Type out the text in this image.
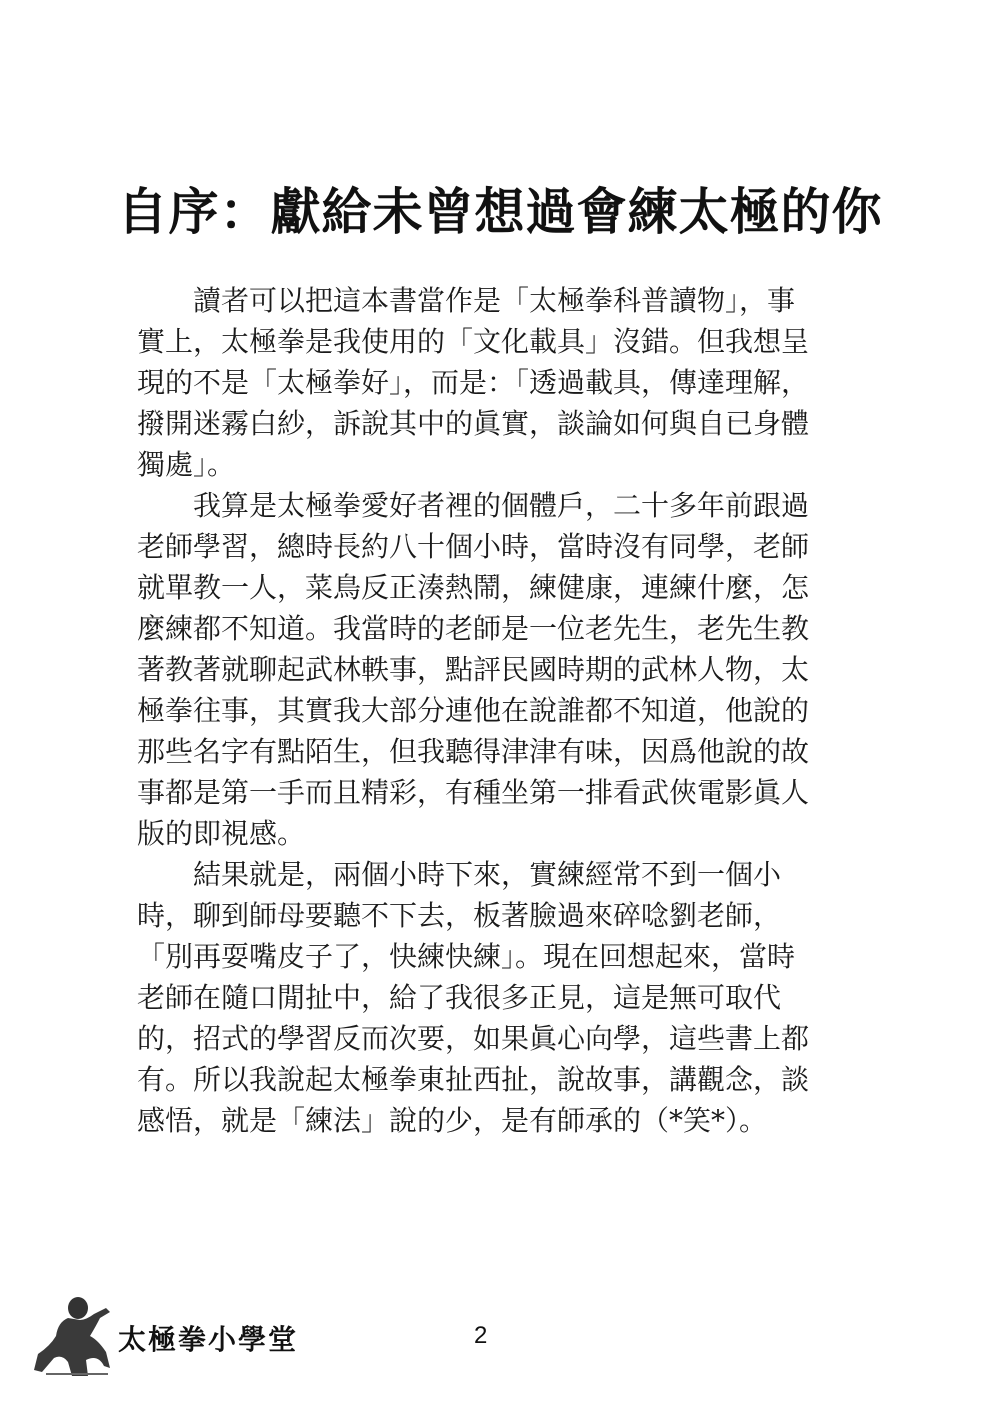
自序：獻給未曾想過會練太極的你

讀者可以把這本書當作是「太極拳科普讀物」，事
實上，太極拳是我使用的「文化載具」沒錯。但我想呈
現的不是「太極拳好」，而是：「透過載具，傳達理解，
撥開迷霧白紗，訴說其中的眞實，談論如何與自已身體
獨處」。

我算是太極拳愛好者裡的個體戶，二十多年前跟過
老師學習，總時長約八十個小時，當時沒有同學，老師
就單教一人，菜鳥反正湊熱鬧，練健康，連練什麼，怎
麼練都不知道。我當時的老師是一位老先生，老先生教
著教著就聊起武林軼事，點評民國時期的武林人物，太
極拳往事，其實我大部分連他在說誰都不知道，他說的
那些名字有點陌生，但我聽得津津有味，因爲他說的故
事都是第一手而且精彩，有種坐第一排看武俠電影眞人
版的即視感。

結果就是，兩個小時下來，實練經常不到一個小
時，聊到師母要聽不下去，板著臉過來碎唸劉老師，
「別再耍嘴皮子了，快練快練」。現在回想起來，當時
老師在隨口閒扯中，給了我很多正見，這是無可取代
的，招式的學習反而次要，如果眞心向學，這些書上都
有。所以我說起太極拳東扯西扯，說故事，講觀念，談
感悟，就是「練法」說的少，是有師承的（*笑*）。

太極拳小學堂	2
